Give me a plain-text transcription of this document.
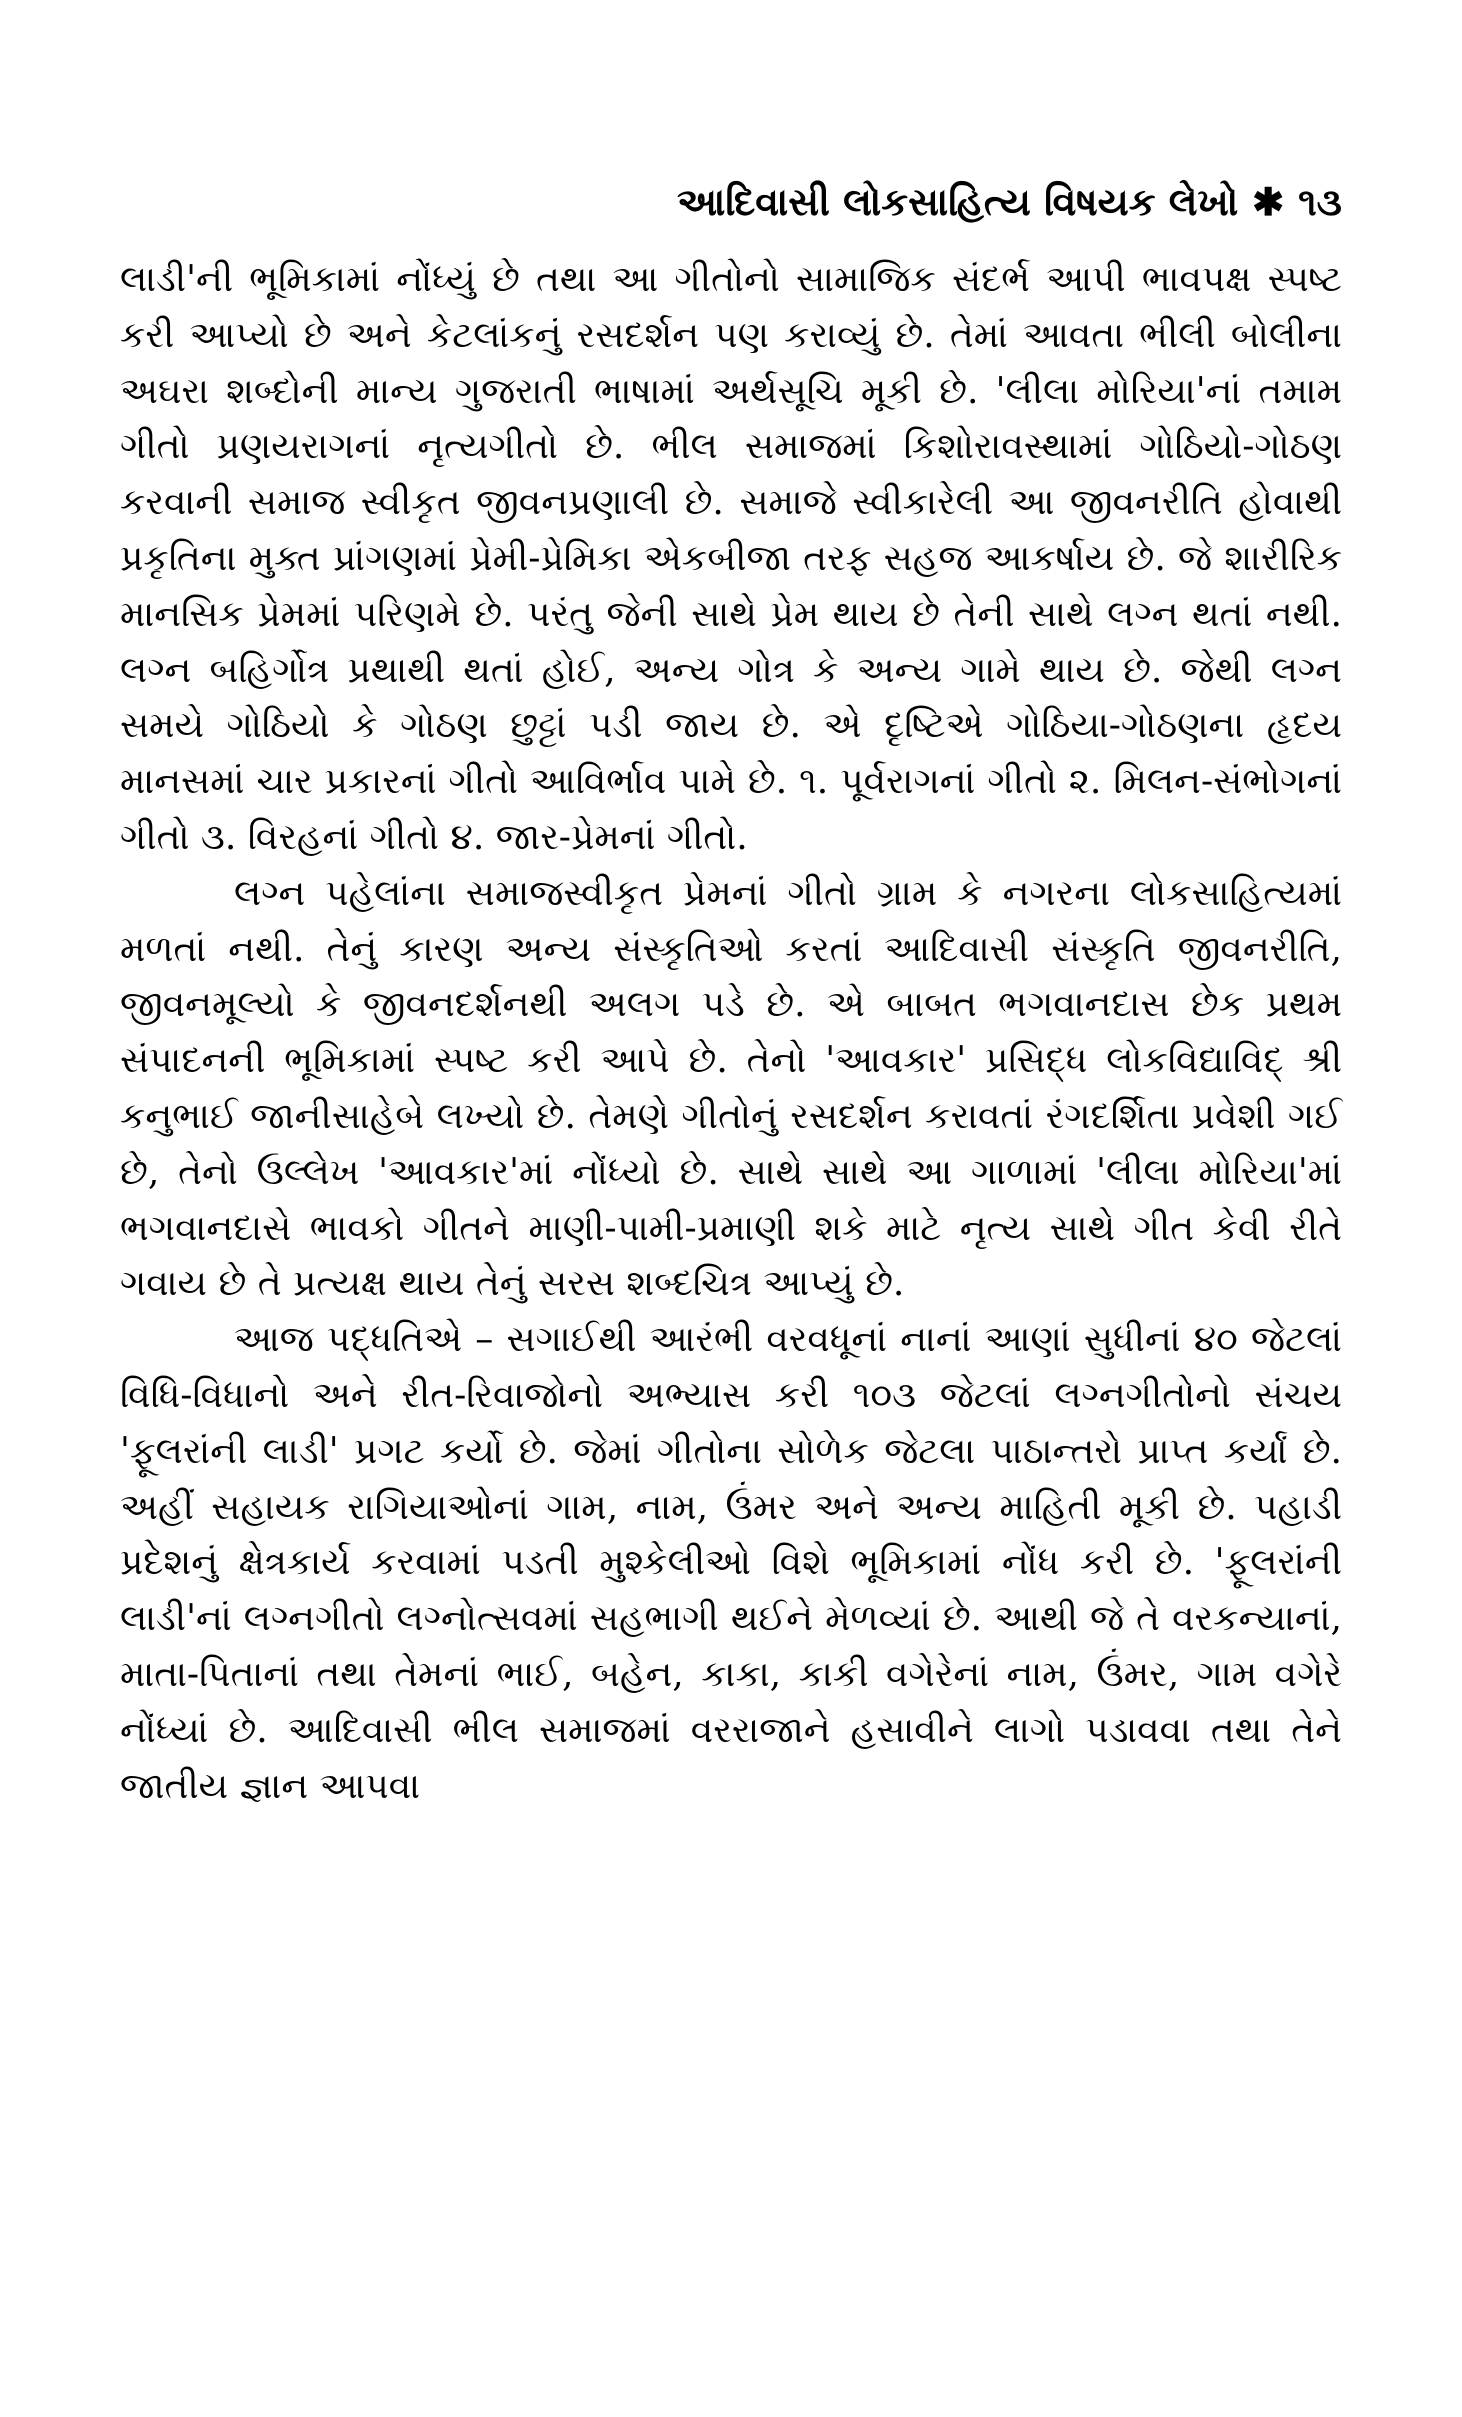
આદિવાસી લોકસાહિત્ય વિષયક લેખો ✱ ૧૩

લાડી'ની ભૂમિકામાં નોંધ્યું છે તથા આ ગીતોનો સામાજિક સંદર્ભ આપી ભાવપક્ષ સ્પષ્ટ કરી આપ્યો છે અને કેટલાંકનું રસદર્શન પણ કરાવ્યું છે. તેમાં આવતા ભીલી બોલીના અઘરા શબ્દોની માન્ય ગુજરાતી ભાષામાં અર્થસૂચિ મૂકી છે. 'લીલા મોરિયા'નાં તમામ ગીતો પ્રણયરાગનાં નૃત્યગીતો છે. ભીલ સમાજમાં કિશોરાવસ્થામાં ગોઠિયો-ગોઠણ કરવાની સમાજ સ્વીકૃત જીવનપ્રણાલી છે. સમાજે સ્વીકારેલી આ જીવનરીતિ હોવાથી પ્રકૃતિના મુક્ત પ્રાંગણમાં પ્રેમી-પ્રેમિકા એકબીજા તરફ સહજ આકર્ષાય છે. જે શારીરિક માનસિક પ્રેમમાં પરિણમે છે. પરંતુ જેની સાથે પ્રેમ થાય છે તેની સાથે લગ્ન થતાં નથી. લગ્ન બહિર્ગોત્ર પ્રથાથી થતાં હોઈ, અન્ય ગોત્ર કે અન્ય ગામે થાય છે. જેથી લગ્ન સમયે ગોઠિયો કે ગોઠણ છુટ્ટાં પડી જાય છે. એ દૃષ્ટિએ ગોઠિયા-ગોઠણના હૃદય માનસમાં ચાર પ્રકારનાં ગીતો આવિર્ભાવ પામે છે. ૧. પૂર્વરાગનાં ગીતો ૨. મિલન-સંભોગનાં ગીતો ૩. વિરહનાં ગીતો ૪. જાર-પ્રેમનાં ગીતો.

લગ્ન પહેલાંના સમાજસ્વીકૃત પ્રેમનાં ગીતો ગ્રામ કે નગરના લોકસાહિત્યમાં મળતાં નથી. તેનું કારણ અન્ય સંસ્કૃતિઓ કરતાં આદિવાસી સંસ્કૃતિ જીવનરીતિ, જીવનમૂલ્યો કે જીવનદર્શનથી અલગ પડે છે. એ બાબત ભગવાનદાસ છેક પ્રથમ સંપાદનની ભૂમિકામાં સ્પષ્ટ કરી આપે છે. તેનો 'આવકાર' પ્રસિદ્ધ લોકવિદ્યાવિદ્ શ્રી કનુભાઈ જાનીસાહેબે લખ્યો છે. તેમણે ગીતોનું રસદર્શન કરાવતાં રંગદર્શિતા પ્રવેશી ગઈ છે, તેનો ઉલ્લેખ 'આવકાર'માં નોંધ્યો છે. સાથે સાથે આ ગાળામાં 'લીલા મોરિયા'માં ભગવાનદાસે ભાવકો ગીતને માણી-પામી-પ્રમાણી શકે માટે નૃત્ય સાથે ગીત કેવી રીતે ગવાય છે તે પ્રત્યક્ષ થાય તેનું સરસ શબ્દચિત્ર આપ્યું છે.

આજ પદ્ધતિએ – સગાઈથી આરંભી વરવધૂનાં નાનાં આણાં સુધીનાં ૪૦ જેટલાં વિધિ-વિધાનો અને રીત-રિવાજોનો અભ્યાસ કરી ૧૦૩ જેટલાં લગ્નગીતોનો સંચય 'ફૂલરાંની લાડી' પ્રગટ કર્યો છે. જેમાં ગીતોના સોળેક જેટલા પાઠાન્તરો પ્રાપ્ત કર્યાં છે. અહીં સહાયક રાગિયાઓનાં ગામ, નામ, ઉંમર અને અન્ય માહિતી મૂકી છે. પહાડી પ્રદેશનું ક્ષેત્રકાર્ય કરવામાં પડતી મુશ્કેલીઓ વિશે ભૂમિકામાં નોંધ કરી છે. 'ફૂલરાંની લાડી'નાં લગ્નગીતો લગ્નોત્સવમાં સહભાગી થઈને મેળવ્યાં છે. આથી જે તે વરકન્યાનાં, માતા-પિતાનાં તથા તેમનાં ભાઈ, બહેન, કાકા, કાકી વગેરેનાં નામ, ઉંમર, ગામ વગેરે નોંધ્યાં છે. આદિવાસી ભીલ સમાજમાં વરરાજાને હસાવીને લાગો પડાવવા તથા તેને જાતીય જ્ઞાન આપવા
